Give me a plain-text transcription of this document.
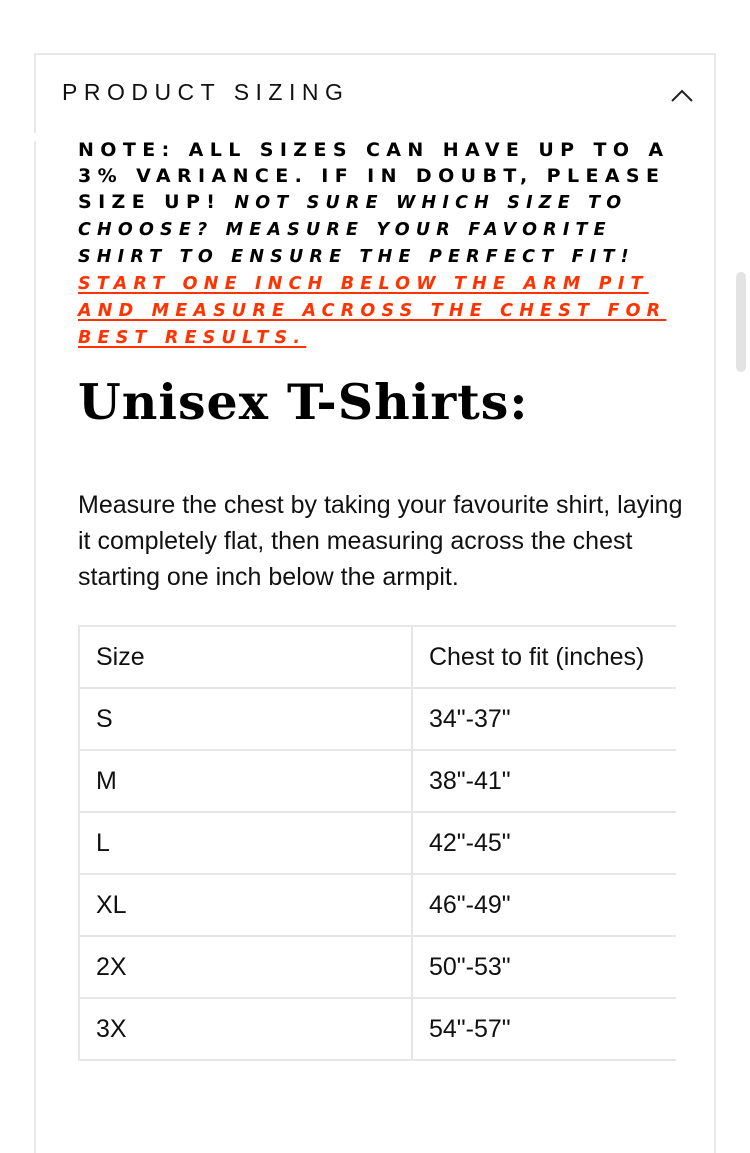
PRODUCT SIZING
NOTE: ALL SIZES CAN HAVE UP TO A 3% VARIANCE. IF IN DOUBT, PLEASE SIZE UP! NOT SURE WHICH SIZE TO CHOOSE? MEASURE YOUR FAVORITE SHIRT TO ENSURE THE PERFECT FIT! START ONE INCH BELOW THE ARM PIT AND MEASURE ACROSS THE CHEST FOR BEST RESULTS.
Unisex T-Shirts:

Measure the chest by taking your favourite shirt, laying it completely flat, then measuring across the chest starting one inch below the armpit.

Size	Chest to fit (inches)
S	34"-37"
M	38"-41"
L	42"-45"
XL	46"-49"
2X	50"-53"
3X	54"-57"
